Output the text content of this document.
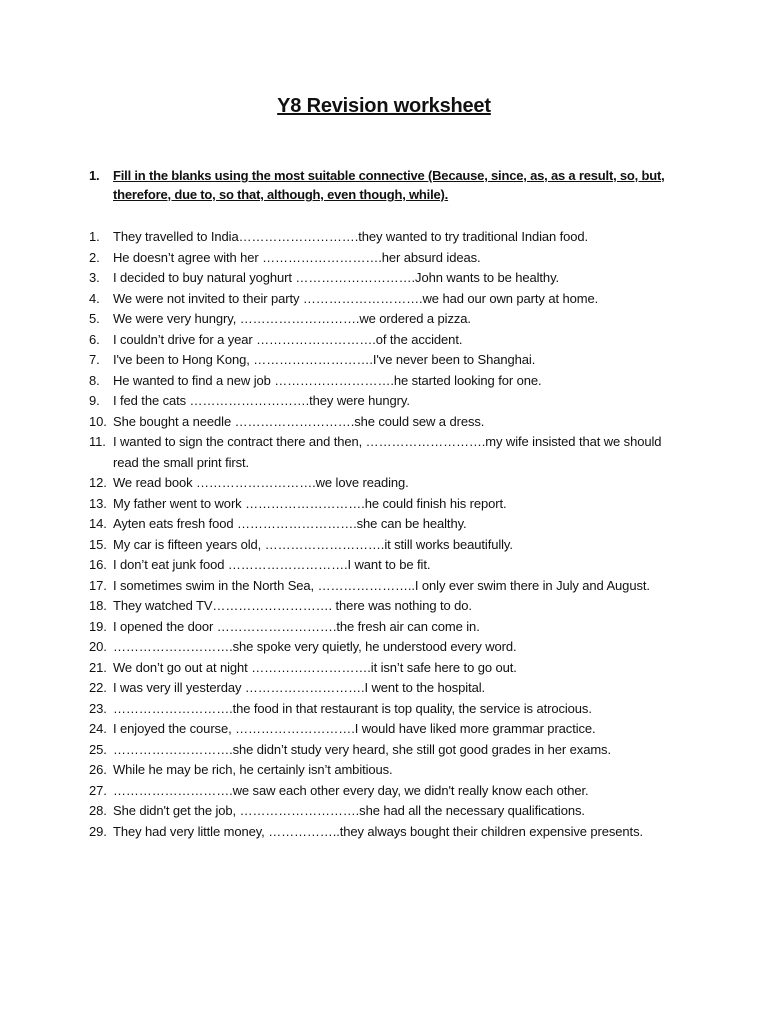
Y8 Revision worksheet
1. Fill in the blanks using the most suitable connective (Because, since, as, as a result, so, but, therefore, due to, so that, although, even though, while).
1. They travelled to India……………………….they wanted to try traditional Indian food.
2. He doesn’t agree with her ……………………….her absurd ideas.
3. I decided to buy natural yoghurt ……………………….John wants to be healthy.
4. We were not invited to their party ……………………….we had our own party at home.
5. We were very hungry, ……………………….we ordered a pizza.
6. I couldn’t drive for a year ……………………….of the accident.
7. I've been to Hong Kong, ……………………….I've never been to Shanghai.
8. He wanted to find a new job ……………………….he started looking for one.
9. I fed the cats ……………………….they were hungry.
10. She bought a needle ……………………….she could sew a dress.
11. I wanted to sign the contract there and then, ……………………….my wife insisted that we should read the small print first.
12. We read book ……………………….we love reading.
13. My father went to work ……………………….he could finish his report.
14. Ayten eats fresh food ……………………….she can be healthy.
15. My car is fifteen years old, ……………………….it still works beautifully.
16. I don’t eat junk food ……………………….I want to be fit.
17. I sometimes swim in the North Sea, …………………..I only ever swim there in July and August.
18. They watched TV………………………. there was nothing to do.
19. I opened the door ……………………….the fresh air can come in.
20. ……………………….she spoke very quietly, he understood every word.
21. We don’t go out at night ……………………….it isn’t safe here to go out.
22. I was very ill yesterday ……………………….I went to the hospital.
23. ……………………….the food in that restaurant is top quality, the service is atrocious.
24. I enjoyed the course, ……………………….I would have liked more grammar practice.
25. ……………………….she didn’t study very heard, she still got good grades in her exams.
26. While he may be rich, he certainly isn’t ambitious.
27. ……………………….we saw each other every day, we didn't really know each other.
28. She didn't get the job, ……………………….she had all the necessary qualifications.
29. They had very little money, ……………..they always bought their children expensive presents.
